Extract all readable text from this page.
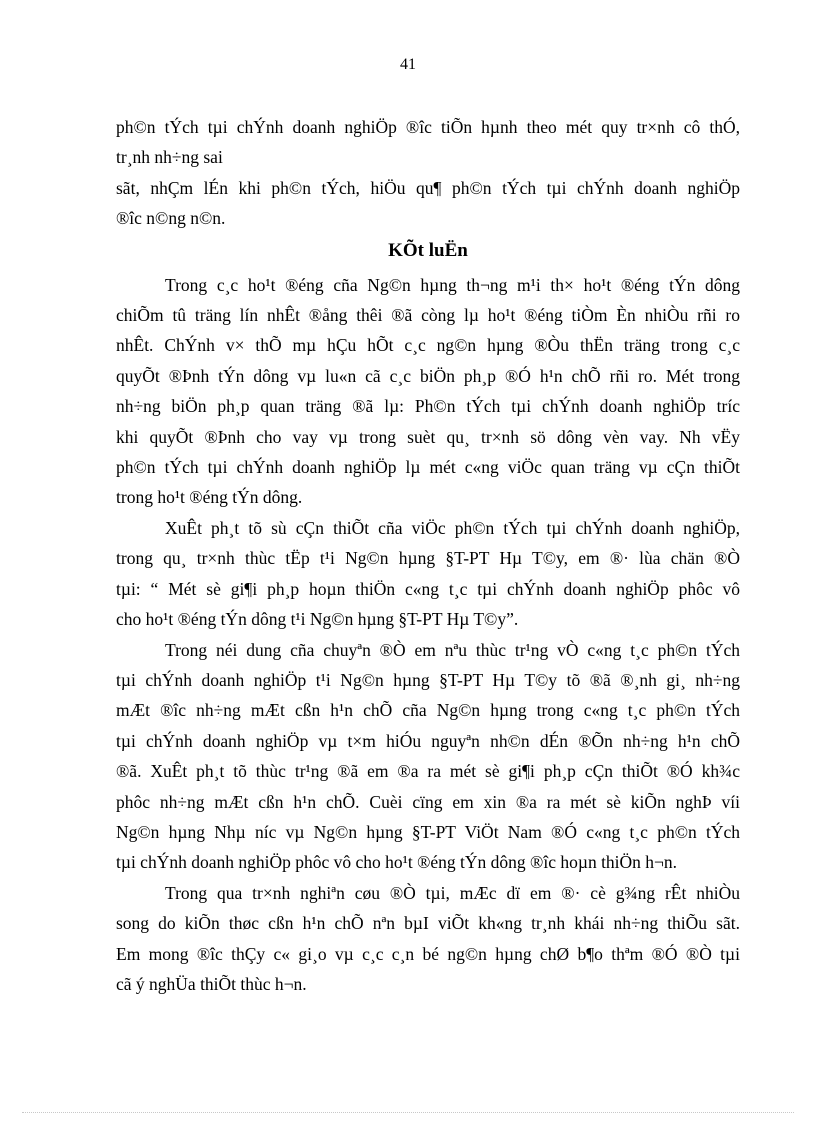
41

ph©n tÝch tµi chÝnh doanh nghiÖp ®îc tiÕn hµnh theo mét quy tr×nh cô thÓ,

tr¸nh nh÷ng sai

sãt, nhÇm lÉn khi ph©n tÝch, hiÖu qu¶ ph©n tÝch tµi chÝnh doanh nghiÖp

®îc n©ng n©n.

KÕt luËn

Trong c¸c ho¹t ®éng cña Ng©n hµng th¬ng m¹i th× ho¹t ®éng tÝn dông

chiÕm tû träng lín nhÊt ®ång thêi ®ã còng lµ ho¹t ®éng tiÒm Èn nhiÒu rñi ro

nhÊt. ChÝnh v× thÕ mµ hÇu hÕt c¸c ng©n hµng ®Òu thËn träng trong c¸c

quyÕt ®Þnh tÝn dông vµ lu«n cã c¸c biÖn ph¸p ®Ó h¹n chÕ rñi ro. Mét trong

nh÷ng biÖn ph¸p quan träng ®ã lµ: Ph©n tÝch tµi chÝnh doanh nghiÖp tríc

khi quyÕt ®Þnh cho vay vµ trong suèt qu¸ tr×nh sö dông vèn vay. Nh vËy

ph©n tÝch tµi chÝnh doanh nghiÖp lµ mét c«ng viÖc quan träng vµ cÇn thiÕt

trong ho¹t ®éng tÝn dông.

XuÊt ph¸t tõ sù cÇn thiÕt cña viÖc ph©n tÝch tµi chÝnh doanh nghiÖp,

trong qu¸ tr×nh thùc tËp t¹i Ng©n hµng §T-PT Hµ T©y, em ®· lùa chän ®Ò

tµi: “ Mét sè gi¶i ph¸p hoµn thiÖn c«ng t¸c tµi chÝnh doanh nghiÖp phôc vô

cho ho¹t ®éng tÝn dông t¹i Ng©n hµng §T-PT Hµ T©y”.

Trong néi dung cña chuyªn ®Ò em nªu thùc tr¹ng vÒ c«ng t¸c ph©n tÝch

tµi chÝnh doanh nghiÖp t¹i Ng©n hµng §T-PT Hµ T©y tõ ®ã ®¸nh gi¸ nh÷ng

mÆt ®îc nh÷ng mÆt cßn h¹n chÕ cña Ng©n hµng trong c«ng t¸c ph©n tÝch

tµi chÝnh doanh nghiÖp vµ t×m hiÓu nguyªn nh©n dÉn ®Õn nh÷ng h¹n chÕ

®ã. XuÊt ph¸t tõ thùc tr¹ng ®ã em ®a ra mét sè gi¶i ph¸p cÇn thiÕt ®Ó kh¾c

phôc nh÷ng mÆt cßn h¹n chÕ. Cuèi cïng em xin ®a ra mét sè kiÕn nghÞ víi

Ng©n hµng Nhµ níc vµ Ng©n hµng §T-PT ViÖt Nam ®Ó c«ng t¸c ph©n tÝch

tµi chÝnh doanh nghiÖp phôc vô cho ho¹t ®éng tÝn dông ®îc hoµn thiÖn h¬n.

Trong qua tr×nh nghiªn cøu ®Ò tµi, mÆc dï em ®· cè g¾ng rÊt nhiÒu

song do kiÕn thøc cßn h¹n chÕ nªn bµI viÕt kh«ng tr¸nh khái nh÷ng thiÕu sãt.

Em mong ®îc thÇy c« gi¸o vµ c¸c c¸n bé ng©n hµng chØ b¶o thªm ®Ó ®Ò tµi

cã ý nghÜa thiÕt thùc h¬n.
